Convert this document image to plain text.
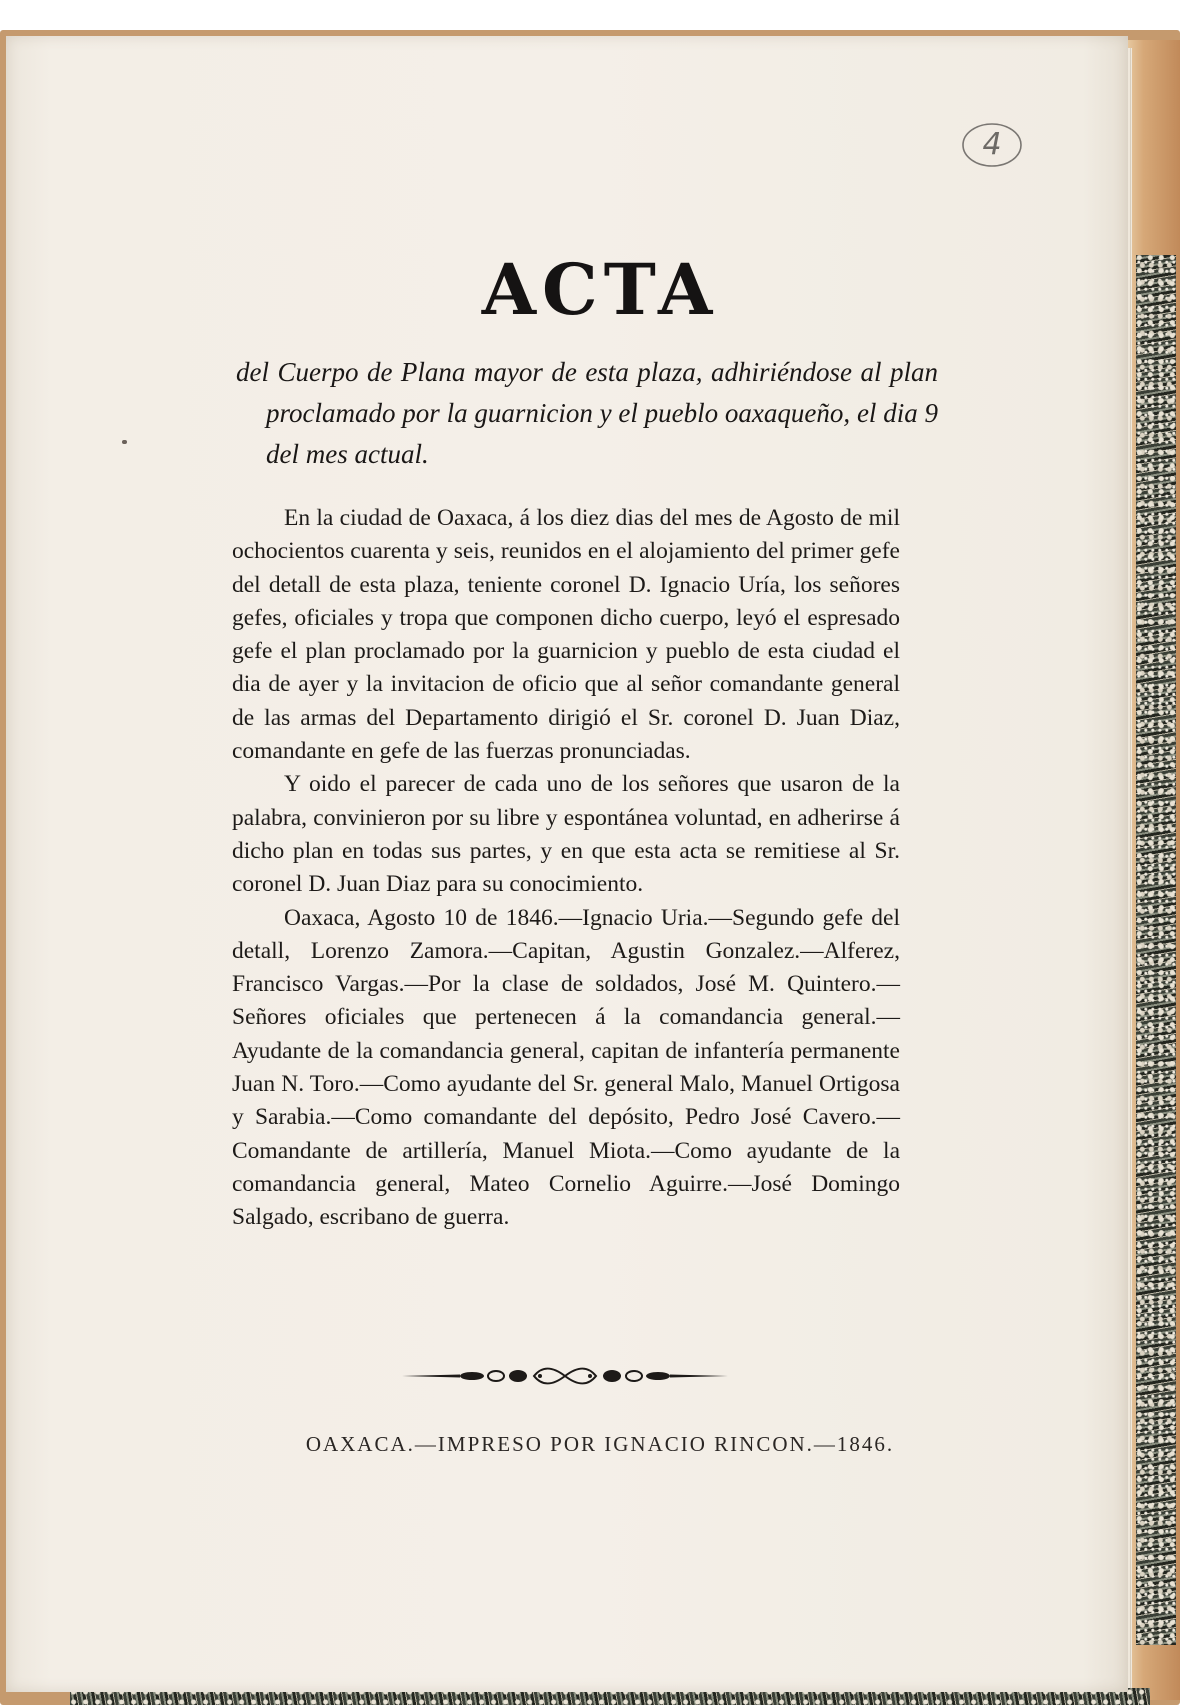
4
ACTA

del Cuerpo de Plana mayor de esta plaza, adhiriéndose al plan proclamado por la guarnicion y el pueblo oaxaqueño, el dia 9 del mes actual.

En la ciudad de Oaxaca, á los diez dias del mes de Agosto de mil ochocientos cuarenta y seis, reunidos en el alojamiento del primer gefe del detall de esta plaza, teniente coronel D. Ignacio Uría, los señores gefes, oficiales y tropa que componen dicho cuerpo, leyó el espresado gefe el plan proclamado por la guarnicion y pueblo de esta ciudad el dia de ayer y la invitacion de oficio que al señor comandante general de las armas del Departamento dirigió el Sr. coronel D. Juan Diaz, comandante en gefe de las fuerzas pronunciadas.

Y oido el parecer de cada uno de los señores que usaron de la palabra, convinieron por su libre y espontánea voluntad, en adherirse á dicho plan en todas sus partes, y en que esta acta se remitiese al Sr. coronel D. Juan Diaz para su conocimiento.

Oaxaca, Agosto 10 de 1846.—Ignacio Uria.—Segundo gefe del detall, Lorenzo Zamora.—Capitan, Agustin Gonzalez.—Alferez, Francisco Vargas.—Por la clase de soldados, José M. Quintero.—Señores oficiales que pertenecen á la comandancia general.—Ayudante de la comandancia general, capitan de infantería permanente Juan N. Toro.—Como ayudante del Sr. general Malo, Manuel Ortigosa y Sarabia.—Como comandante del depósito, Pedro José Cavero.—Comandante de artillería, Manuel Miota.—Como ayudante de la comandancia general, Mateo Cornelio Aguirre.—José Domingo Salgado, escribano de guerra.

OAXACA.—IMPRESO POR IGNACIO RINCON.—1846.
